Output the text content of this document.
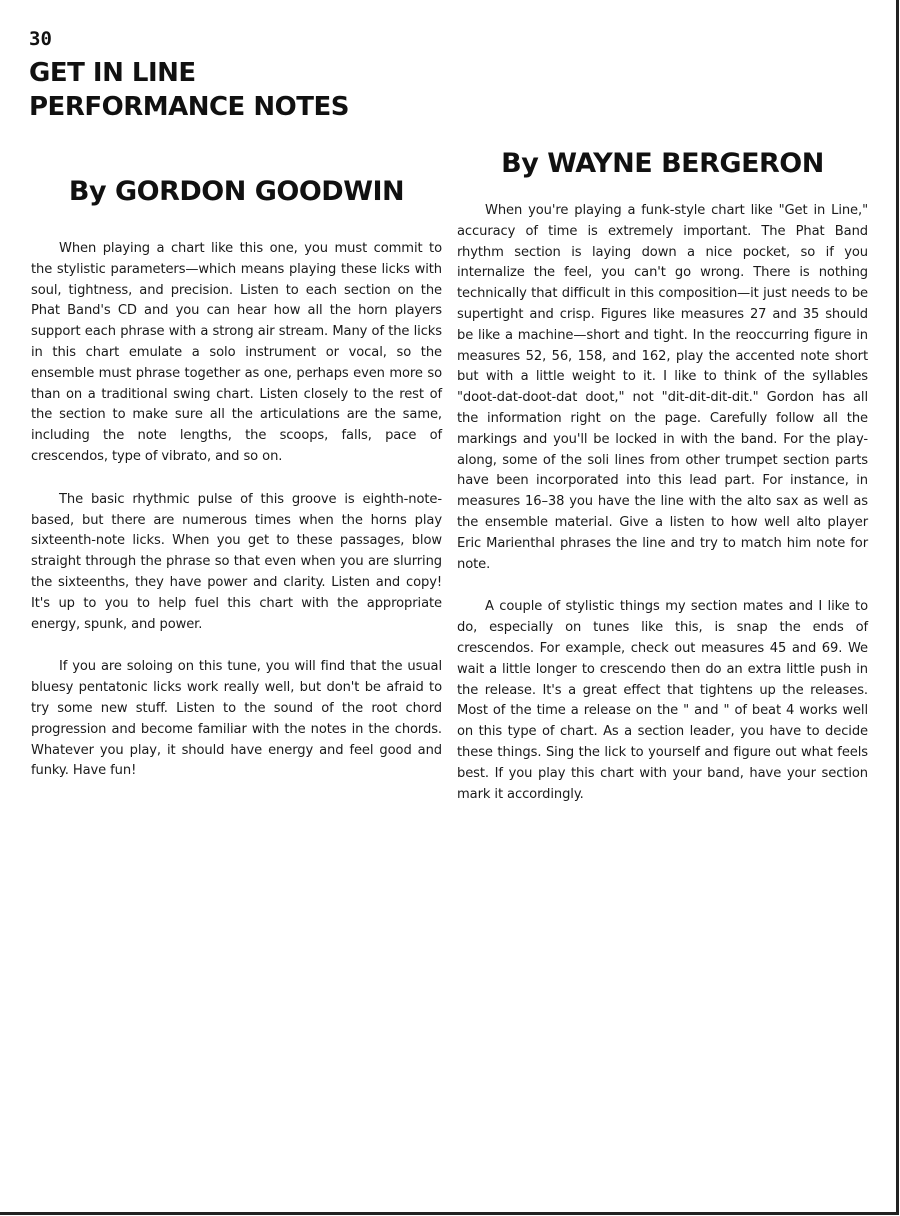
30
GET IN LINE
PERFORMANCE NOTES
By GORDON GOODWIN

When playing a chart like this one, you must commit to the stylistic parameters—which means playing these licks with soul, tightness, and precision. Listen to each section on the Phat Band's CD and you can hear how all the horn players support each phrase with a strong air stream. Many of the licks in this chart emulate a solo instrument or vocal, so the ensemble must phrase together as one, perhaps even more so than on a traditional swing chart. Listen closely to the rest of the section to make sure all the articulations are the same, including the note lengths, the scoops, falls, pace of crescendos, type of vibrato, and so on.

The basic rhythmic pulse of this groove is eighth-note-based, but there are numerous times when the horns play sixteenth-note licks. When you get to these passages, blow straight through the phrase so that even when you are slurring the sixteenths, they have power and clarity. Listen and copy! It's up to you to help fuel this chart with the appropriate energy, spunk, and power.

If you are soloing on this tune, you will find that the usual bluesy pentatonic licks work really well, but don't be afraid to try some new stuff. Listen to the sound of the root chord progression and become familiar with the notes in the chords. Whatever you play, it should have energy and feel good and funky. Have fun!

By WAYNE BERGERON

When you're playing a funk-style chart like "Get in Line," accuracy of time is extremely important. The Phat Band rhythm section is laying down a nice pocket, so if you internalize the feel, you can't go wrong. There is nothing technically that difficult in this composition—it just needs to be supertight and crisp. Figures like measures 27 and 35 should be like a machine—short and tight. In the reoccurring figure in measures 52, 56, 158, and 162, play the accented note short but with a little weight to it. I like to think of the syllables "doot-dat-doot-dat doot," not "dit-dit-dit-dit." Gordon has all the information right on the page. Carefully follow all the markings and you'll be locked in with the band. For the play-along, some of the soli lines from other trumpet section parts have been incorporated into this lead part. For instance, in measures 16–38 you have the line with the alto sax as well as the ensemble material. Give a listen to how well alto player Eric Marienthal phrases the line and try to match him note for note.

A couple of stylistic things my section mates and I like to do, especially on tunes like this, is snap the ends of crescendos. For example, check out measures 45 and 69. We wait a little longer to crescendo then do an extra little push in the release. It's a great effect that tightens up the releases. Most of the time a release on the " and " of beat 4 works well on this type of chart. As a section leader, you have to decide these things. Sing the lick to yourself and figure out what feels best. If you play this chart with your band, have your section mark it accordingly.
